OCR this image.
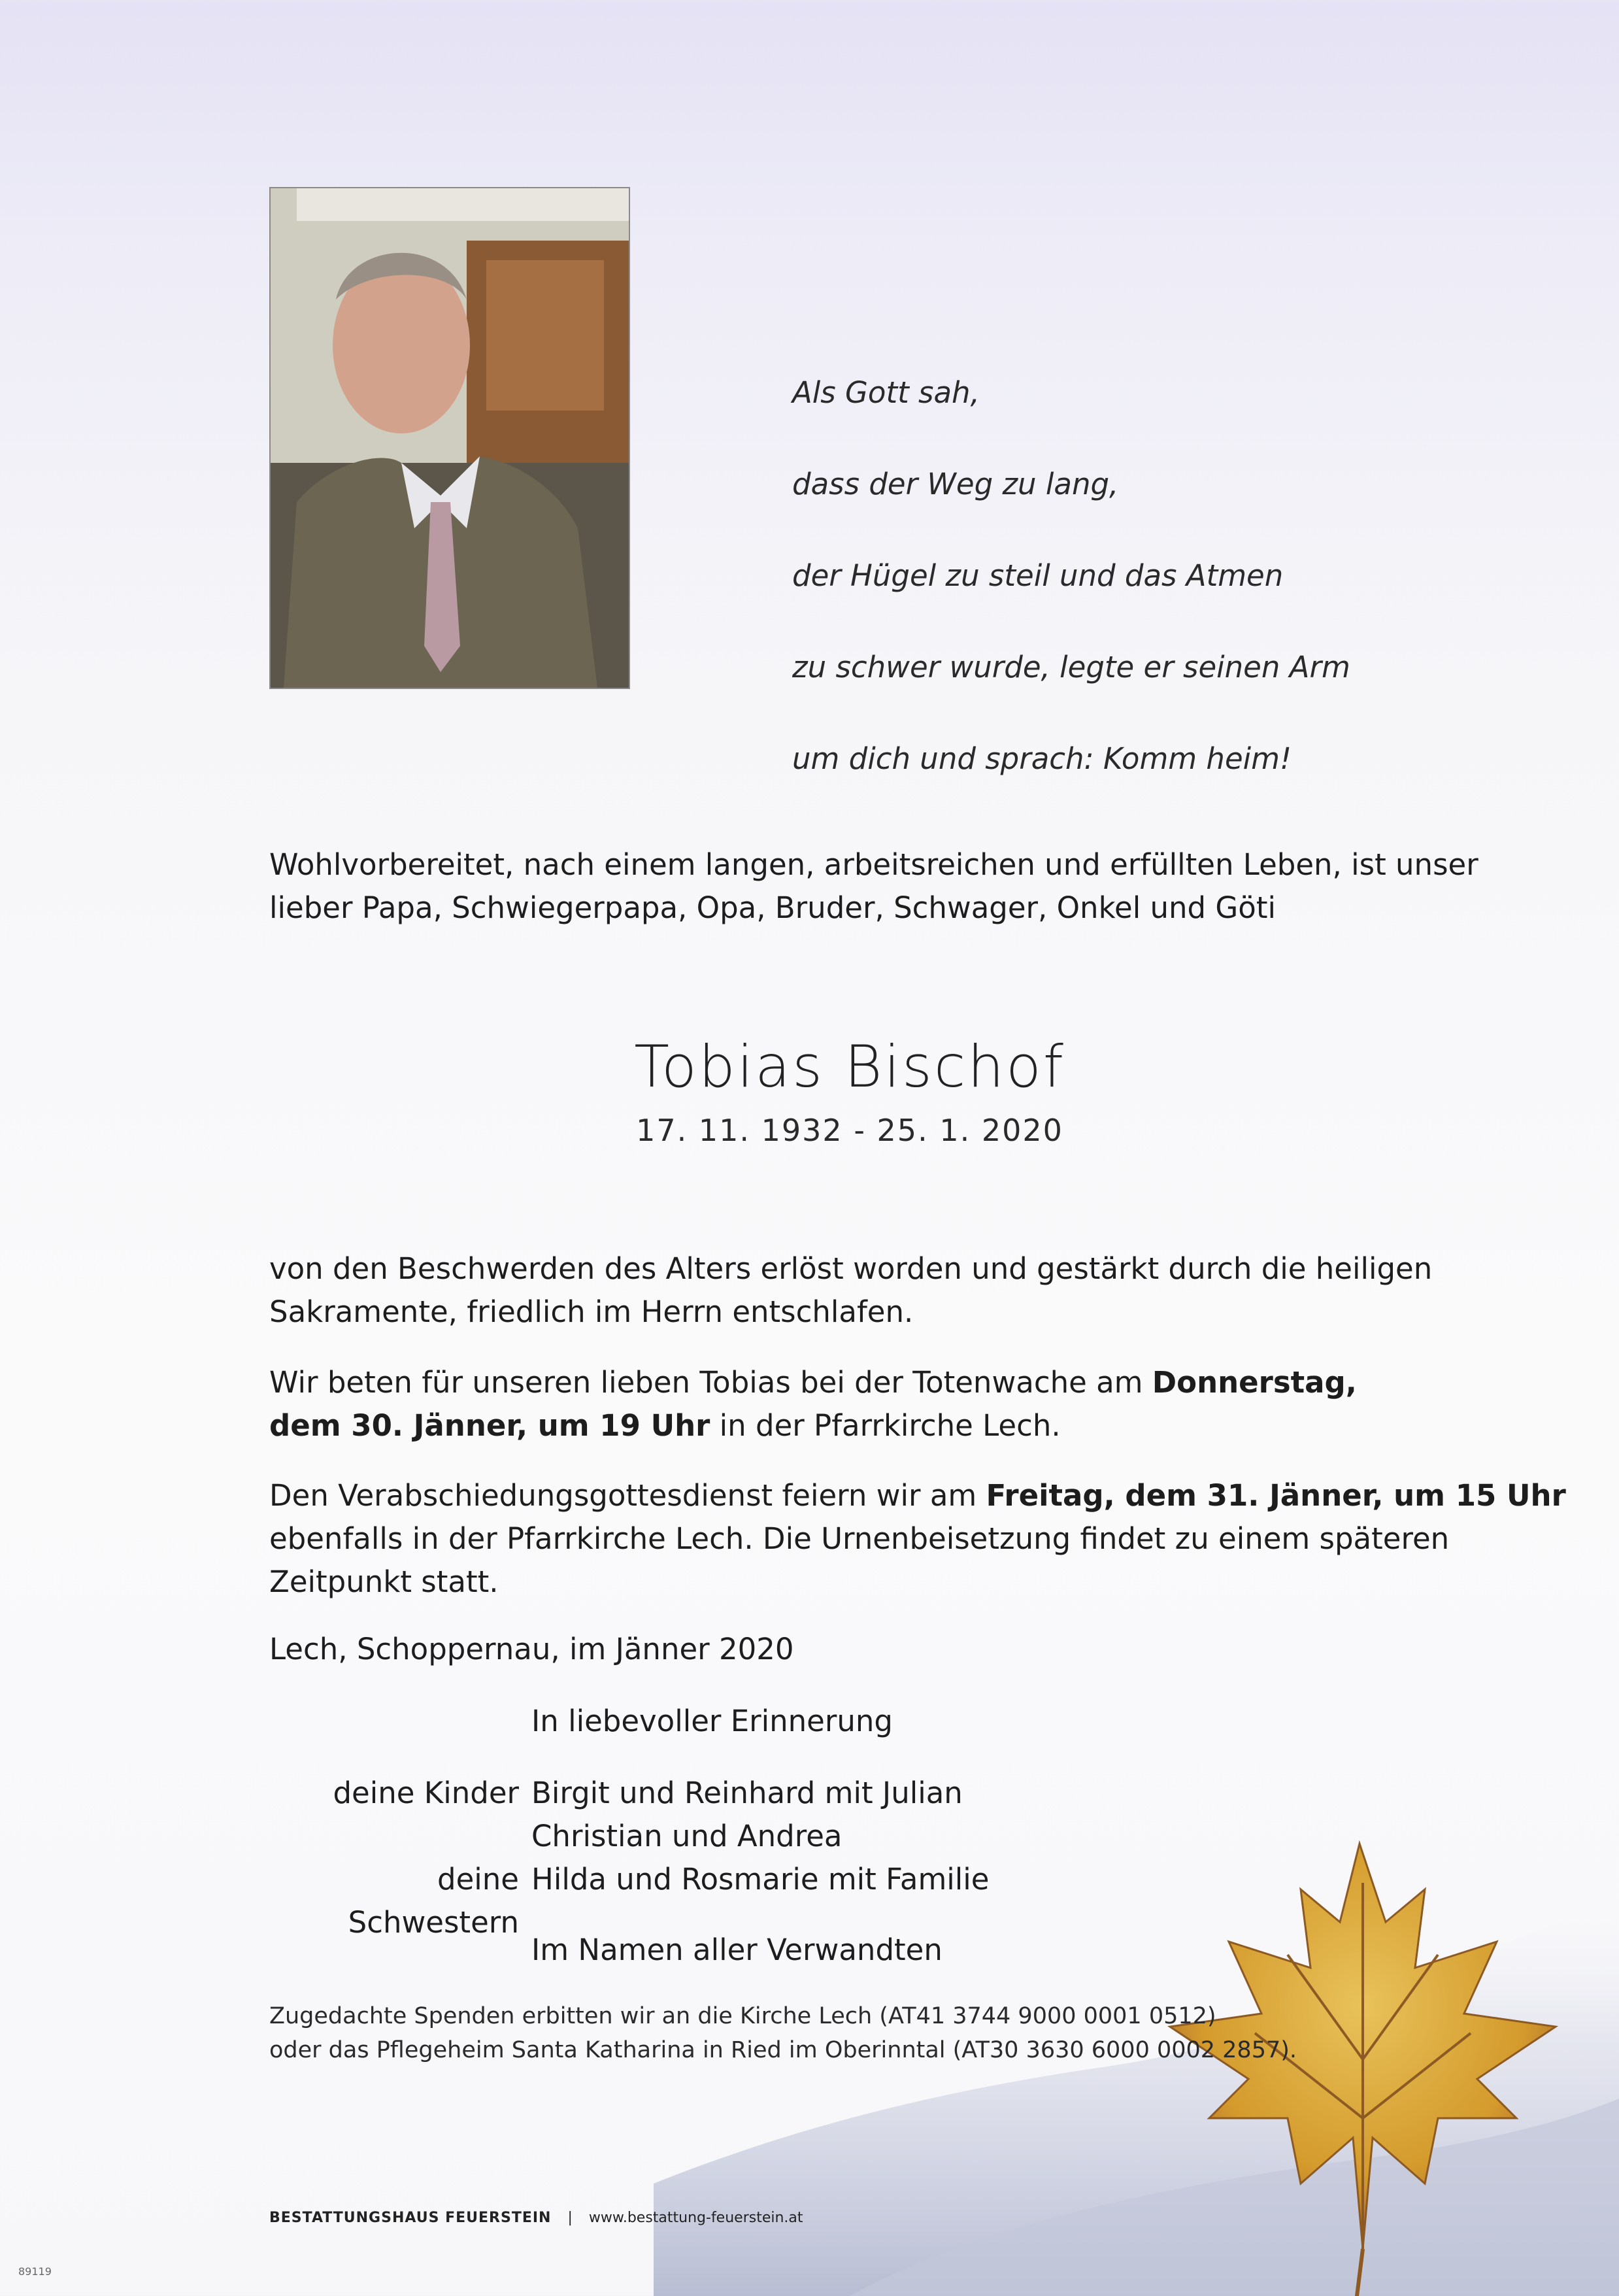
Als Gott sah,

dass der Weg zu lang,

der Hügel zu steil und das Atmen

zu schwer wurde, legte er seinen Arm

um dich und sprach: Komm heim!

Wohlvorbereitet, nach einem langen, arbeitsreichen und erfüllten Leben, ist unser
lieber Papa, Schwiegerpapa, Opa, Bruder, Schwager, Onkel und Göti
Tobias Bischof
17. 11. 1932 - 25. 1. 2020
von den Beschwerden des Alters erlöst worden und gestärkt durch die heiligen
Sakramente, friedlich im Herrn entschlafen.
Wir beten für unseren lieben Tobias bei der Totenwache am Donnerstag,
dem 30. Jänner, um 19 Uhr in der Pfarrkirche Lech.
Den Verabschiedungsgottesdienst feiern wir am Freitag, dem 31. Jänner, um 15 Uhr
ebenfalls in der Pfarrkirche Lech. Die Urnenbeisetzung findet zu einem späteren
Zeitpunkt statt.
Lech, Schoppernau, im Jänner 2020
In liebevoller Erinnerung
deine Kinder Birgit und Reinhard mit Julian
Christian und Andrea
deine Schwestern
Hilda und Rosmarie mit Familie
Im Namen aller Verwandten
Zugedachte Spenden erbitten wir an die Kirche Lech (AT41 3744 9000 0001 0512)
oder das Pflegeheim Santa Katharina in Ried im Oberinntal (AT30 3630 6000 0002 2857).
BESTATTUNGSHAUS FEUERSTEIN | www.bestattung-feuerstein.at
89119
